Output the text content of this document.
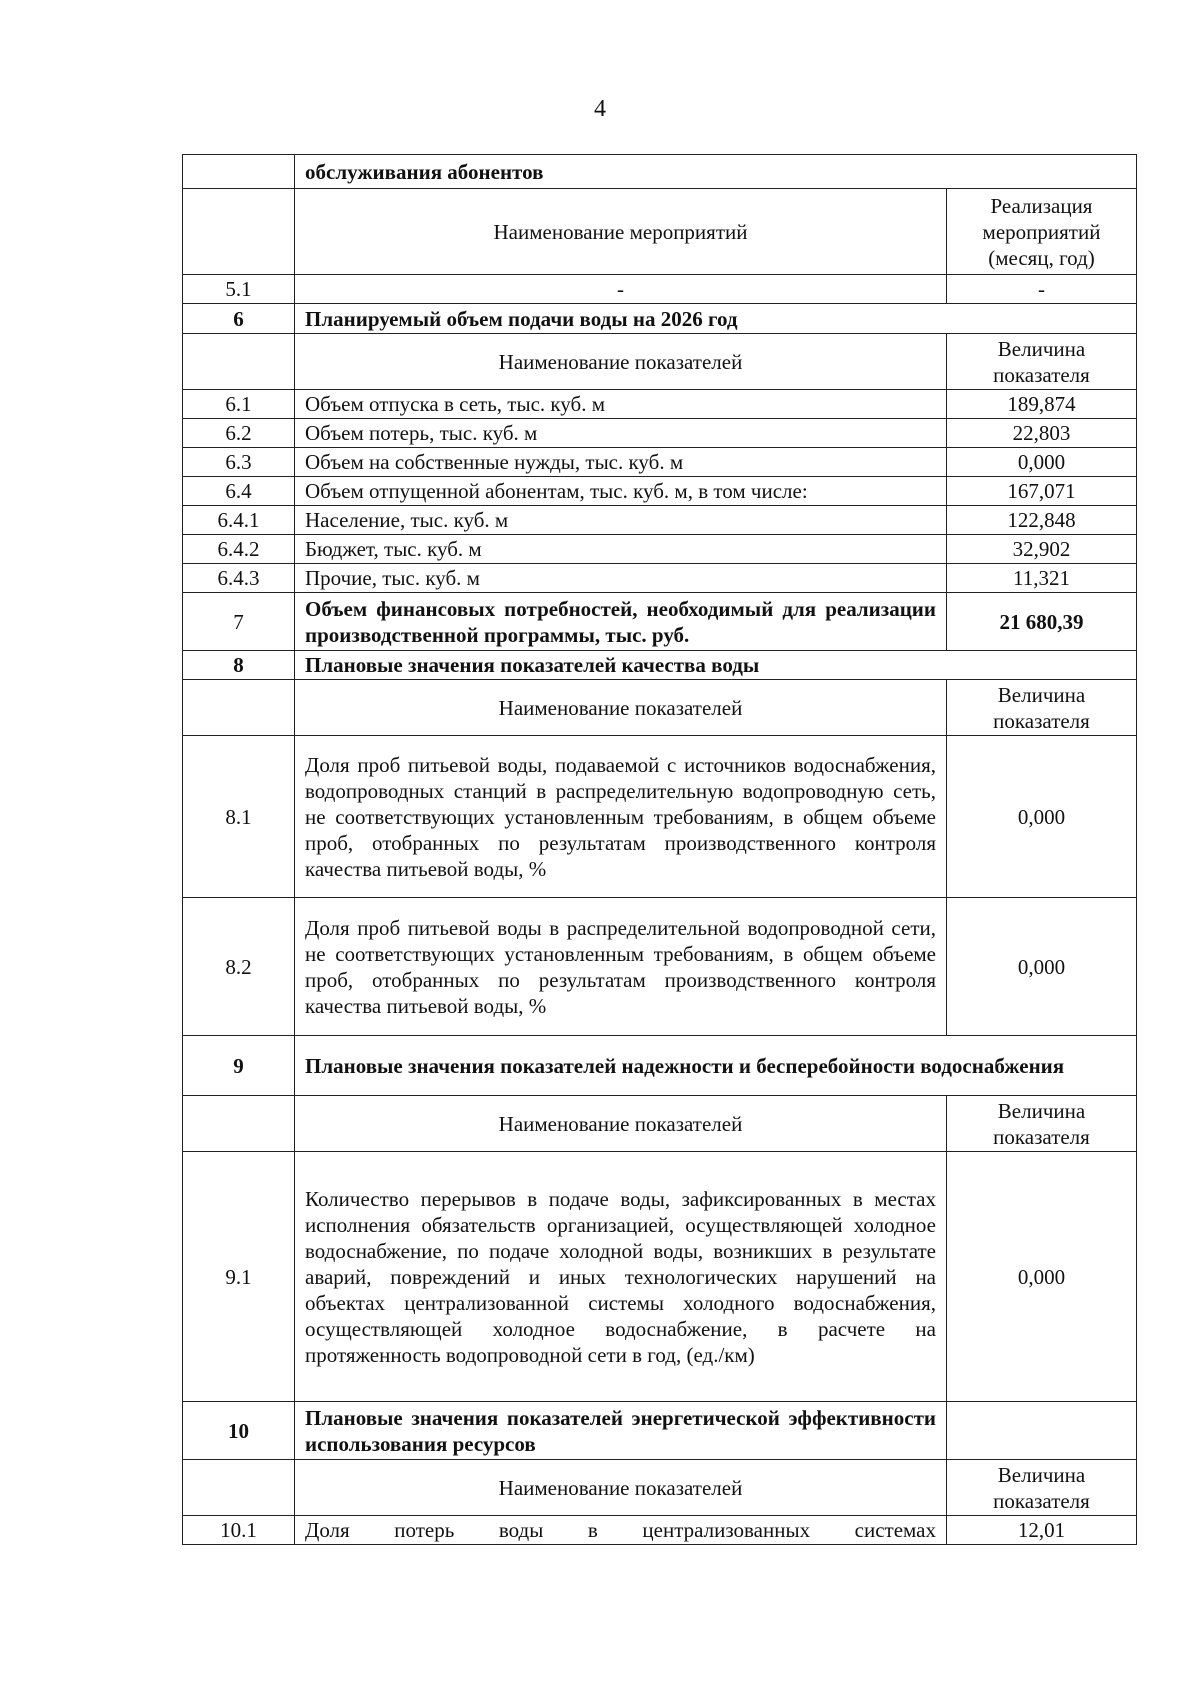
4
	обслуживания абонентов	
	Наименование мероприятий	Реализация мероприятий (месяц, год)
5.1	-	-
6	Планируемый объем подачи воды на 2026 год	
	Наименование показателей	Величина показателя
6.1	Объем отпуска в сеть, тыс. куб. м	189,874
6.2	Объем потерь, тыс. куб. м	22,803
6.3	Объем на собственные нужды, тыс. куб. м	0,000
6.4	Объем отпущенной абонентам, тыс. куб. м, в том числе:	167,071
6.4.1	Население, тыс. куб. м	122,848
6.4.2	Бюджет, тыс. куб. м	32,902
6.4.3	Прочие, тыс. куб. м	11,321
7	Объем финансовых потребностей, необходимый для реализации производственной программы, тыс. руб.	21 680,39
8	Плановые значения показателей качества воды	
	Наименование показателей	Величина показателя
8.1	Доля проб питьевой воды, подаваемой с источников водоснабжения, водопроводных станций в распределительную водопроводную сеть, не соответствующих установленным требованиям, в общем объеме проб, отобранных по результатам производственного контроля качества питьевой воды, %	0,000
8.2	Доля проб питьевой воды в распределительной водопроводной сети, не соответствующих установленным требованиям, в общем объеме проб, отобранных по результатам производственного контроля качества питьевой воды, %	0,000
9	Плановые значения показателей надежности и бесперебойности водоснабжения	
	Наименование показателей	Величина показателя
9.1	Количество перерывов в подаче воды, зафиксированных в местах исполнения обязательств организацией, осуществляющей холодное водоснабжение, по подаче холодной воды, возникших в результате аварий, повреждений и иных технологических нарушений на объектах централизованной системы холодного водоснабжения, осуществляющей холодное водоснабжение, в расчете на протяженность водопроводной сети в год, (ед./км)	0,000
10	Плановые значения показателей энергетической эффективности использования ресурсов	
	Наименование показателей	Величина показателя
10.1	Доля потерь воды в централизованных системах	12,01
